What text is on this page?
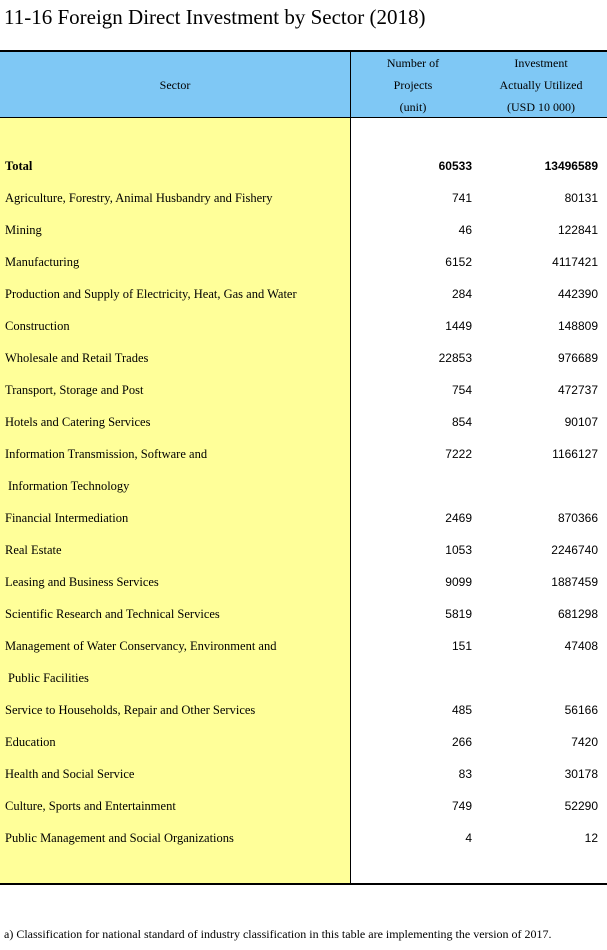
11-16 Foreign Direct Investment by Sector (2018)
Sector
Number of
Projects
(unit)
Investment
Actually Utilized
(USD 10 000)
Total	60533	13496589
Agriculture, Forestry, Animal Husbandry and Fishery	741	80131
Mining	46	122841
Manufacturing	6152	4117421
Production and Supply of Electricity, Heat, Gas and Water	284	442390
Construction	1449	148809
Wholesale and Retail Trades	22853	976689
Transport, Storage and Post	754	472737
Hotels and Catering Services	854	90107
Information Transmission, Software and
Information Technology
7222	1166127
Financial Intermediation	2469	870366
Real Estate	1053	2246740
Leasing and Business Services	9099	1887459
Scientific Research and Technical Services	5819	681298
Management of Water Conservancy, Environment and
Public Facilities
151	47408
Service to Households, Repair and Other Services	485	56166
Education	266	7420
Health and Social Service	83	30178
Culture, Sports and Entertainment	749	52290
Public Management and Social Organizations	4	12
a) Classification for national standard of industry classification in this table are implementing the version of 2017.
